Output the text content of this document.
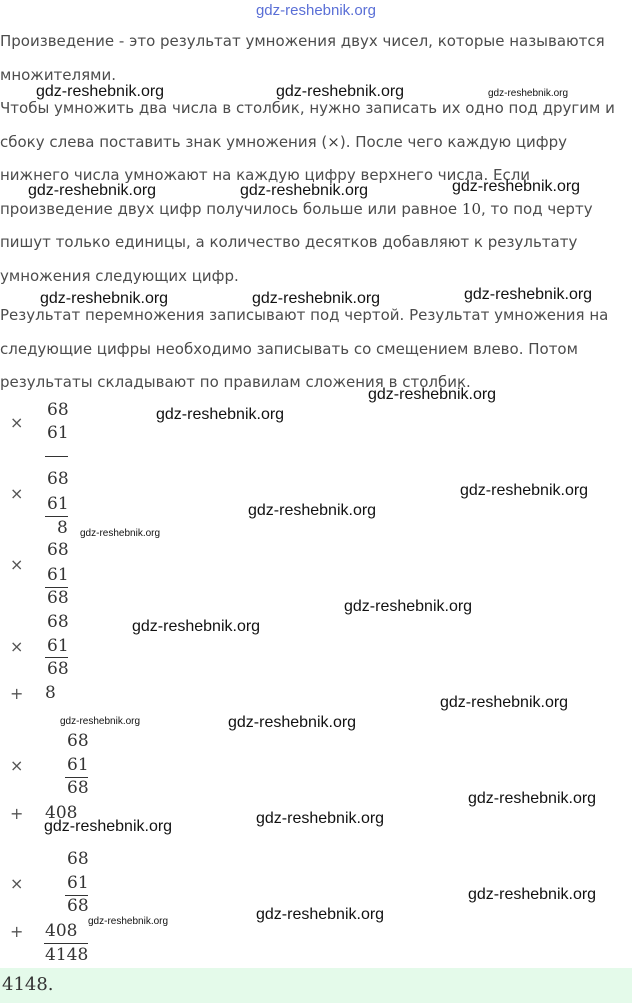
gdz-reshebnik.org

Произведение - это результат умножения двух чисел, которые называются множителями.

Чтобы умножить два числа в столбик, нужно записать их одно под другим и сбоку слева поставить знак умножения (×). После чего каждую цифру нижнего числа умножают на каждую цифру верхнего числа. Если произведение двух цифр получилось больше или равное 10, то под черту пишут только единицы, а количество десятков добавляют к результату умножения следующих цифр.

Результат перемножения записывают под чертой. Результат умножения на следующие цифры необходимо записывать со смещением влево. Потом результаты складывают по правилам сложения в столбик.

×
68
61
×
68
61
8
×
68
61
68
68
× 61
68
+ 8
68
×	61
68
+ 408
68
×	61
68
+ 408
4148
4148.
gdz-reshebnik.org	gdz-reshebnik.org	gdz-reshebnik.org
gdz-reshebnik.org	gdz-reshebnik.org	gdz-reshebnik.org
gdz-reshebnik.org	gdz-reshebnik.org	gdz-reshebnik.org
gdz-reshebnik.org
gdz-reshebnik.org
gdz-reshebnik.org
gdz-reshebnik.org
gdz-reshebnik.org
gdz-reshebnik.org
gdz-reshebnik.org
gdz-reshebnik.org
gdz-reshebnik.org	gdz-reshebnik.org
gdz-reshebnik.org
gdz-reshebnik.org
gdz-reshebnik.org
gdz-reshebnik.org
gdz-reshebnik.org
gdz-reshebnik.org
